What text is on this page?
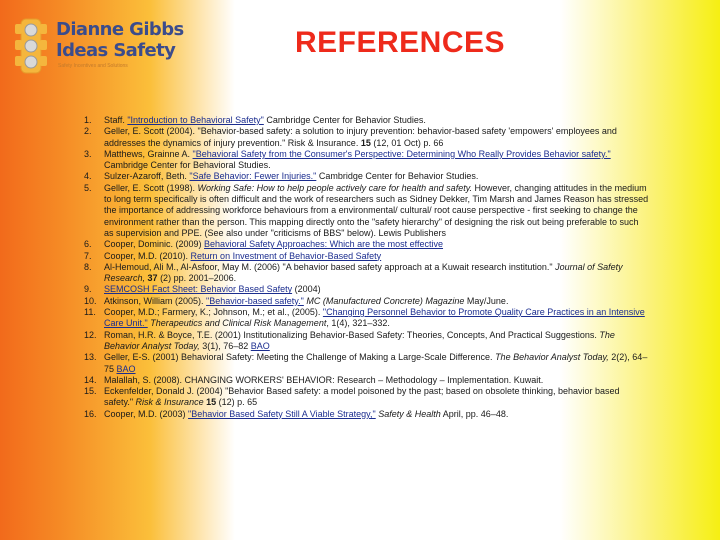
Dianne Gibbs
Ideas Safety
Safety Incentives and Solutions
REFERENCES
1.	Staff. "Introduction to Behavioral Safety" Cambridge Center for Behavior Studies.
2.	Geller, E. Scott (2004). "Behavior-based safety: a solution to injury prevention: behavior-based safety 'empowers' employees and addresses the dynamics of injury prevention." Risk & Insurance. 15 (12, 01 Oct) p. 66
3.	Matthews, Grainne A. "Behavioral Safety from the Consumer's Perspective: Determining Who Really Provides Behavior safety." Cambridge Center for Behavioral Studies.
4.	Sulzer-Azaroff, Beth. "Safe Behavior: Fewer Injuries." Cambridge Center for Behavior Studies.
5.	Geller, E. Scott (1998). Working Safe: How to help people actively care for health and safety. However, changing attitudes in the medium to long term specifically is often difficult and the work of researchers such as Sidney Dekker, Tim Marsh and James Reason has stressed the importance of addressing workforce behaviours from a environmental/ cultural/ root cause perspective - first seeking to change the environment rather than the person. This mapping directly onto the "safety hierarchy" of designing the risk out being preferable to such as supervision and PPE. (See also under "criticisms of BBS" below). Lewis Publishers
6.	Cooper, Dominic. (2009) Behavioral Safety Approaches: Which are the most effective
7.	Cooper, M.D. (2010). Return on Investment of Behavior-Based Safety
8.	Al-Hemoud, Ali M., Al-Asfoor, May M. (2006) "A behavior based safety approach at a Kuwait research institution." Journal of Safety Research, 37 (2) pp. 2001–2006.
9.	SEMCOSH Fact Sheet: Behavior Based Safety (2004)
10. Atkinson, William (2005). "Behavior-based safety." MC (Manufactured Concrete) Magazine May/June.
11. Cooper, M.D.; Farmery, K.; Johnson, M.; et al., (2005). "Changing Personnel Behavior to Promote Quality Care Practices in an Intensive Care Unit." Therapeutics and Clinical Risk Management, 1(4), 321–332.
12. Roman, H.R. & Boyce, T.E. (2001) Institutionalizing Behavior-Based Safety: Theories, Concepts, And Practical Suggestions. The Behavior Analyst Today, 3(1), 76–82 BAO
13. Geller, E-S. (2001) Behavioral Safety: Meeting the Challenge of Making a Large-Scale Difference. The Behavior Analyst Today, 2(2), 64–75 BAO
14. Malallah, S. (2008). CHANGING WORKERS' BEHAVIOR: Research – Methodology – Implementation. Kuwait.
15. Eckenfelder, Donald J. (2004) "Behavior Based safety: a model poisoned by the past; based on obsolete thinking, behavior based safety." Risk & Insurance 15 (12) p. 65
16. Cooper, M.D. (2003) "Behavior Based Safety Still A Viable Strategy," Safety & Health April, pp. 46–48.
